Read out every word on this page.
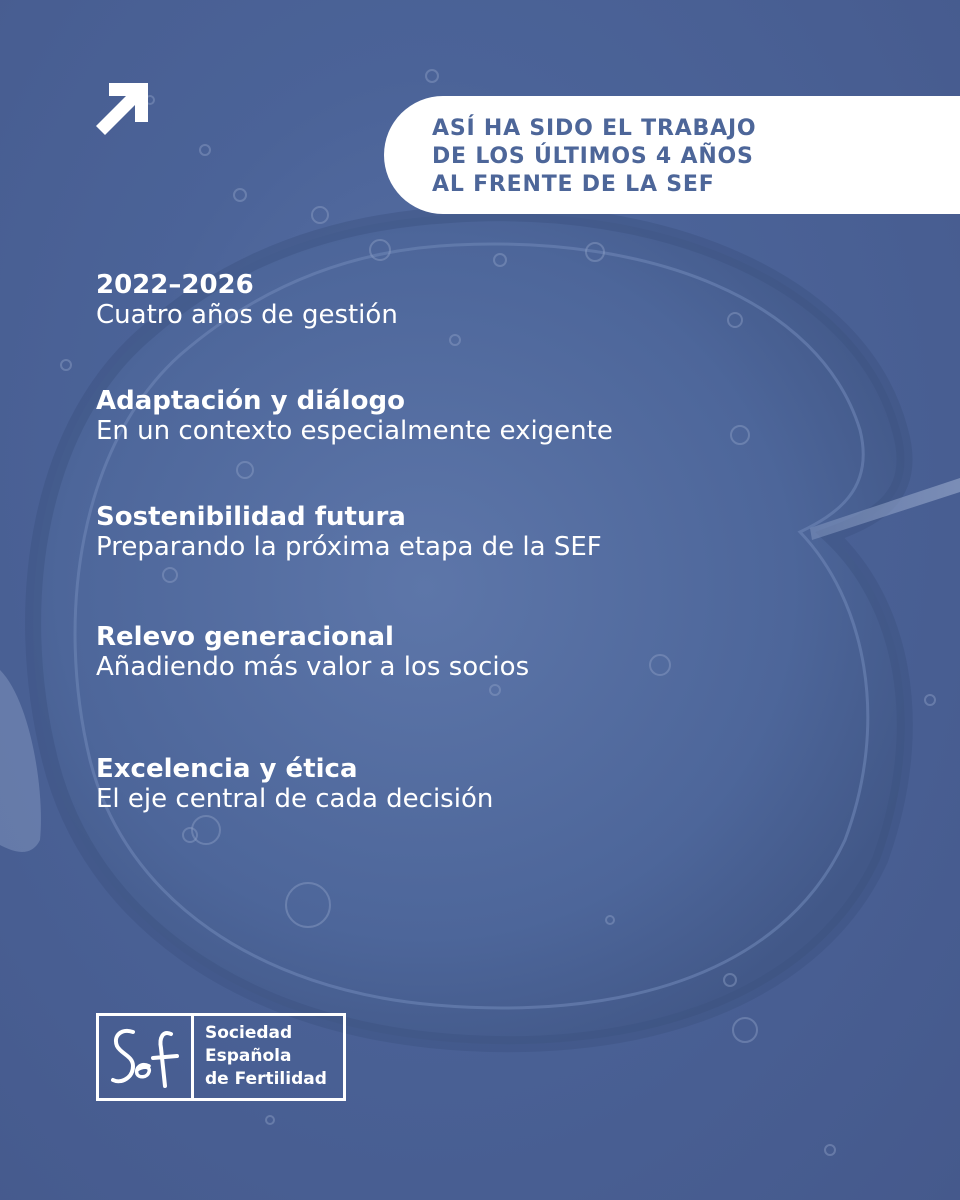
ASÍ HA SIDO EL TRABAJO
DE LOS ÚLTIMOS 4 AÑOS
AL FRENTE DE LA SEF

2022–2026

Cuatro años de gestión

Adaptación y diálogo

En un contexto especialmente exigente

Sostenibilidad futura

Preparando la próxima etapa de la SEF

Relevo generacional

Añadiendo más valor a los socios

Excelencia y ética

El eje central de cada decisión

Sociedad
Española
de Fertilidad
